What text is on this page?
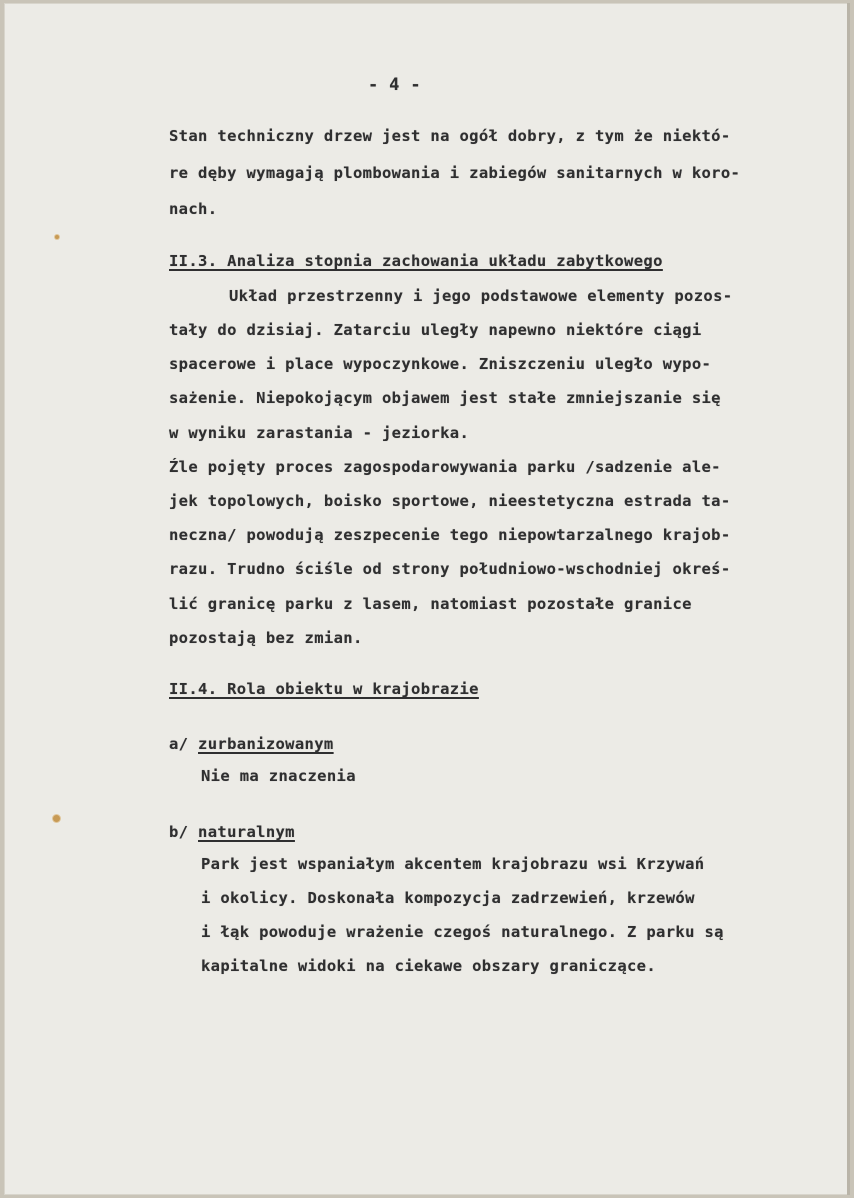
- 4 -
Stan techniczny drzew jest na ogół dobry, z tym że niektó-
re dęby wymagają plombowania i zabiegów sanitarnych w koro-
nach.
II.3. Analiza stopnia zachowania układu zabytkowego
Układ przestrzenny i jego podstawowe elementy pozos-
tały do dzisiaj. Zatarciu uległy napewno niektóre ciągi
spacerowe i place wypoczynkowe. Zniszczeniu uległo wypo-
sażenie. Niepokojącym objawem jest stałe zmniejszanie się
w wyniku zarastania - jeziorka.
Źle pojęty proces zagospodarowywania parku /sadzenie ale-
jek topolowych, boisko sportowe, nieestetyczna estrada ta-
neczna/ powodują zeszpecenie tego niepowtarzalnego krajob-
razu. Trudno ściśle od strony południowo-wschodniej okreś-
lić granicę parku z lasem, natomiast pozostałe granice
pozostają bez zmian.
II.4. Rola obiektu w krajobrazie
a/ zurbanizowanym
Nie ma znaczenia
b/ naturalnym
Park jest wspaniałym akcentem krajobrazu wsi Krzywań
i okolicy. Doskonała kompozycja zadrzewień, krzewów
i łąk powoduje wrażenie czegoś naturalnego. Z parku są
kapitalne widoki na ciekawe obszary graniczące.
